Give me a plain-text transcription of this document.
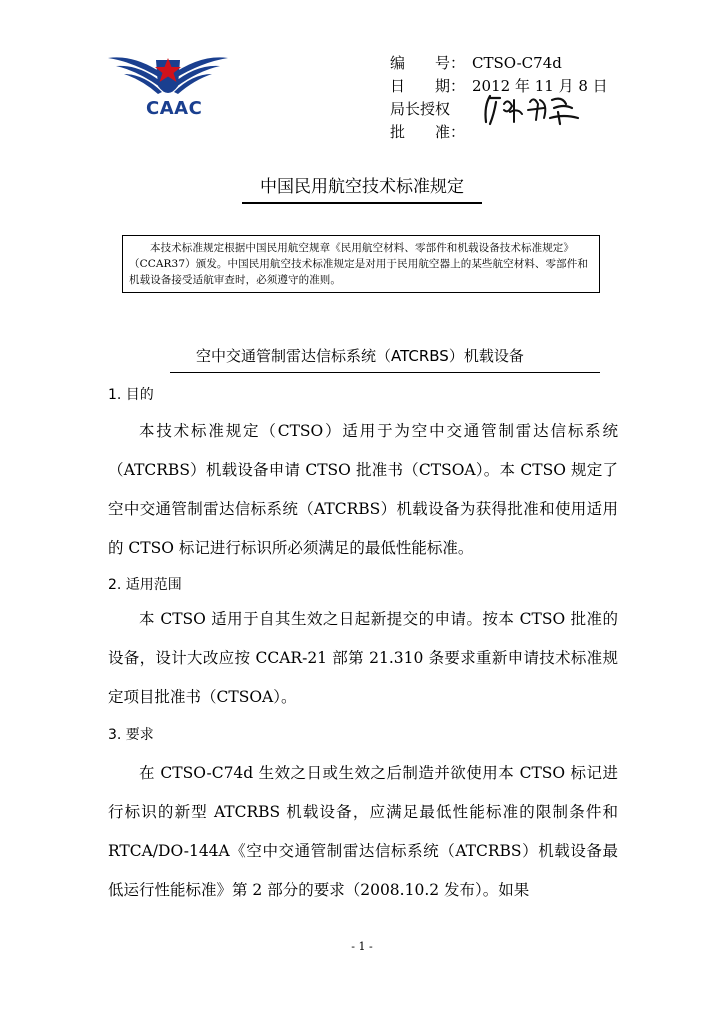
CAAC
编　　号： CTSO-C74d
日　　期： 2012 年 11 月 8 日
局长授权
批　　准：
中国民用航空技术标准规定
本技术标准规定根据中国民用航空规章《民用航空材料、零部件和机载设备技术标准规定》（CCAR37）颁发。中国民用航空技术标准规定是对用于民用航空器上的某些航空材料、零部件和机载设备接受适航审查时，必须遵守的准则。
空中交通管制雷达信标系统（ATCRBS）机载设备
1. 目的

本技术标准规定（CTSO）适用于为空中交通管制雷达信标系统（ATCRBS）机载设备申请 CTSO 批准书（CTSOA）。本 CTSO 规定了空中交通管制雷达信标系统（ATCRBS）机载设备为获得批准和使用适用的 CTSO 标记进行标识所必须满足的最低性能标准。

2. 适用范围

本 CTSO 适用于自其生效之日起新提交的申请。按本 CTSO 批准的设备，设计大改应按 CCAR-21 部第 21.310 条要求重新申请技术标准规定项目批准书（CTSOA）。

3. 要求

在 CTSO-C74d 生效之日或生效之后制造并欲使用本 CTSO 标记进行标识的新型 ATCRBS 机载设备，应满足最低性能标准的限制条件和 RTCA/DO-144A《空中交通管制雷达信标系统（ATCRBS）机载设备最低运行性能标准》第 2 部分的要求（2008.10.2 发布）。如果

- 1 -
